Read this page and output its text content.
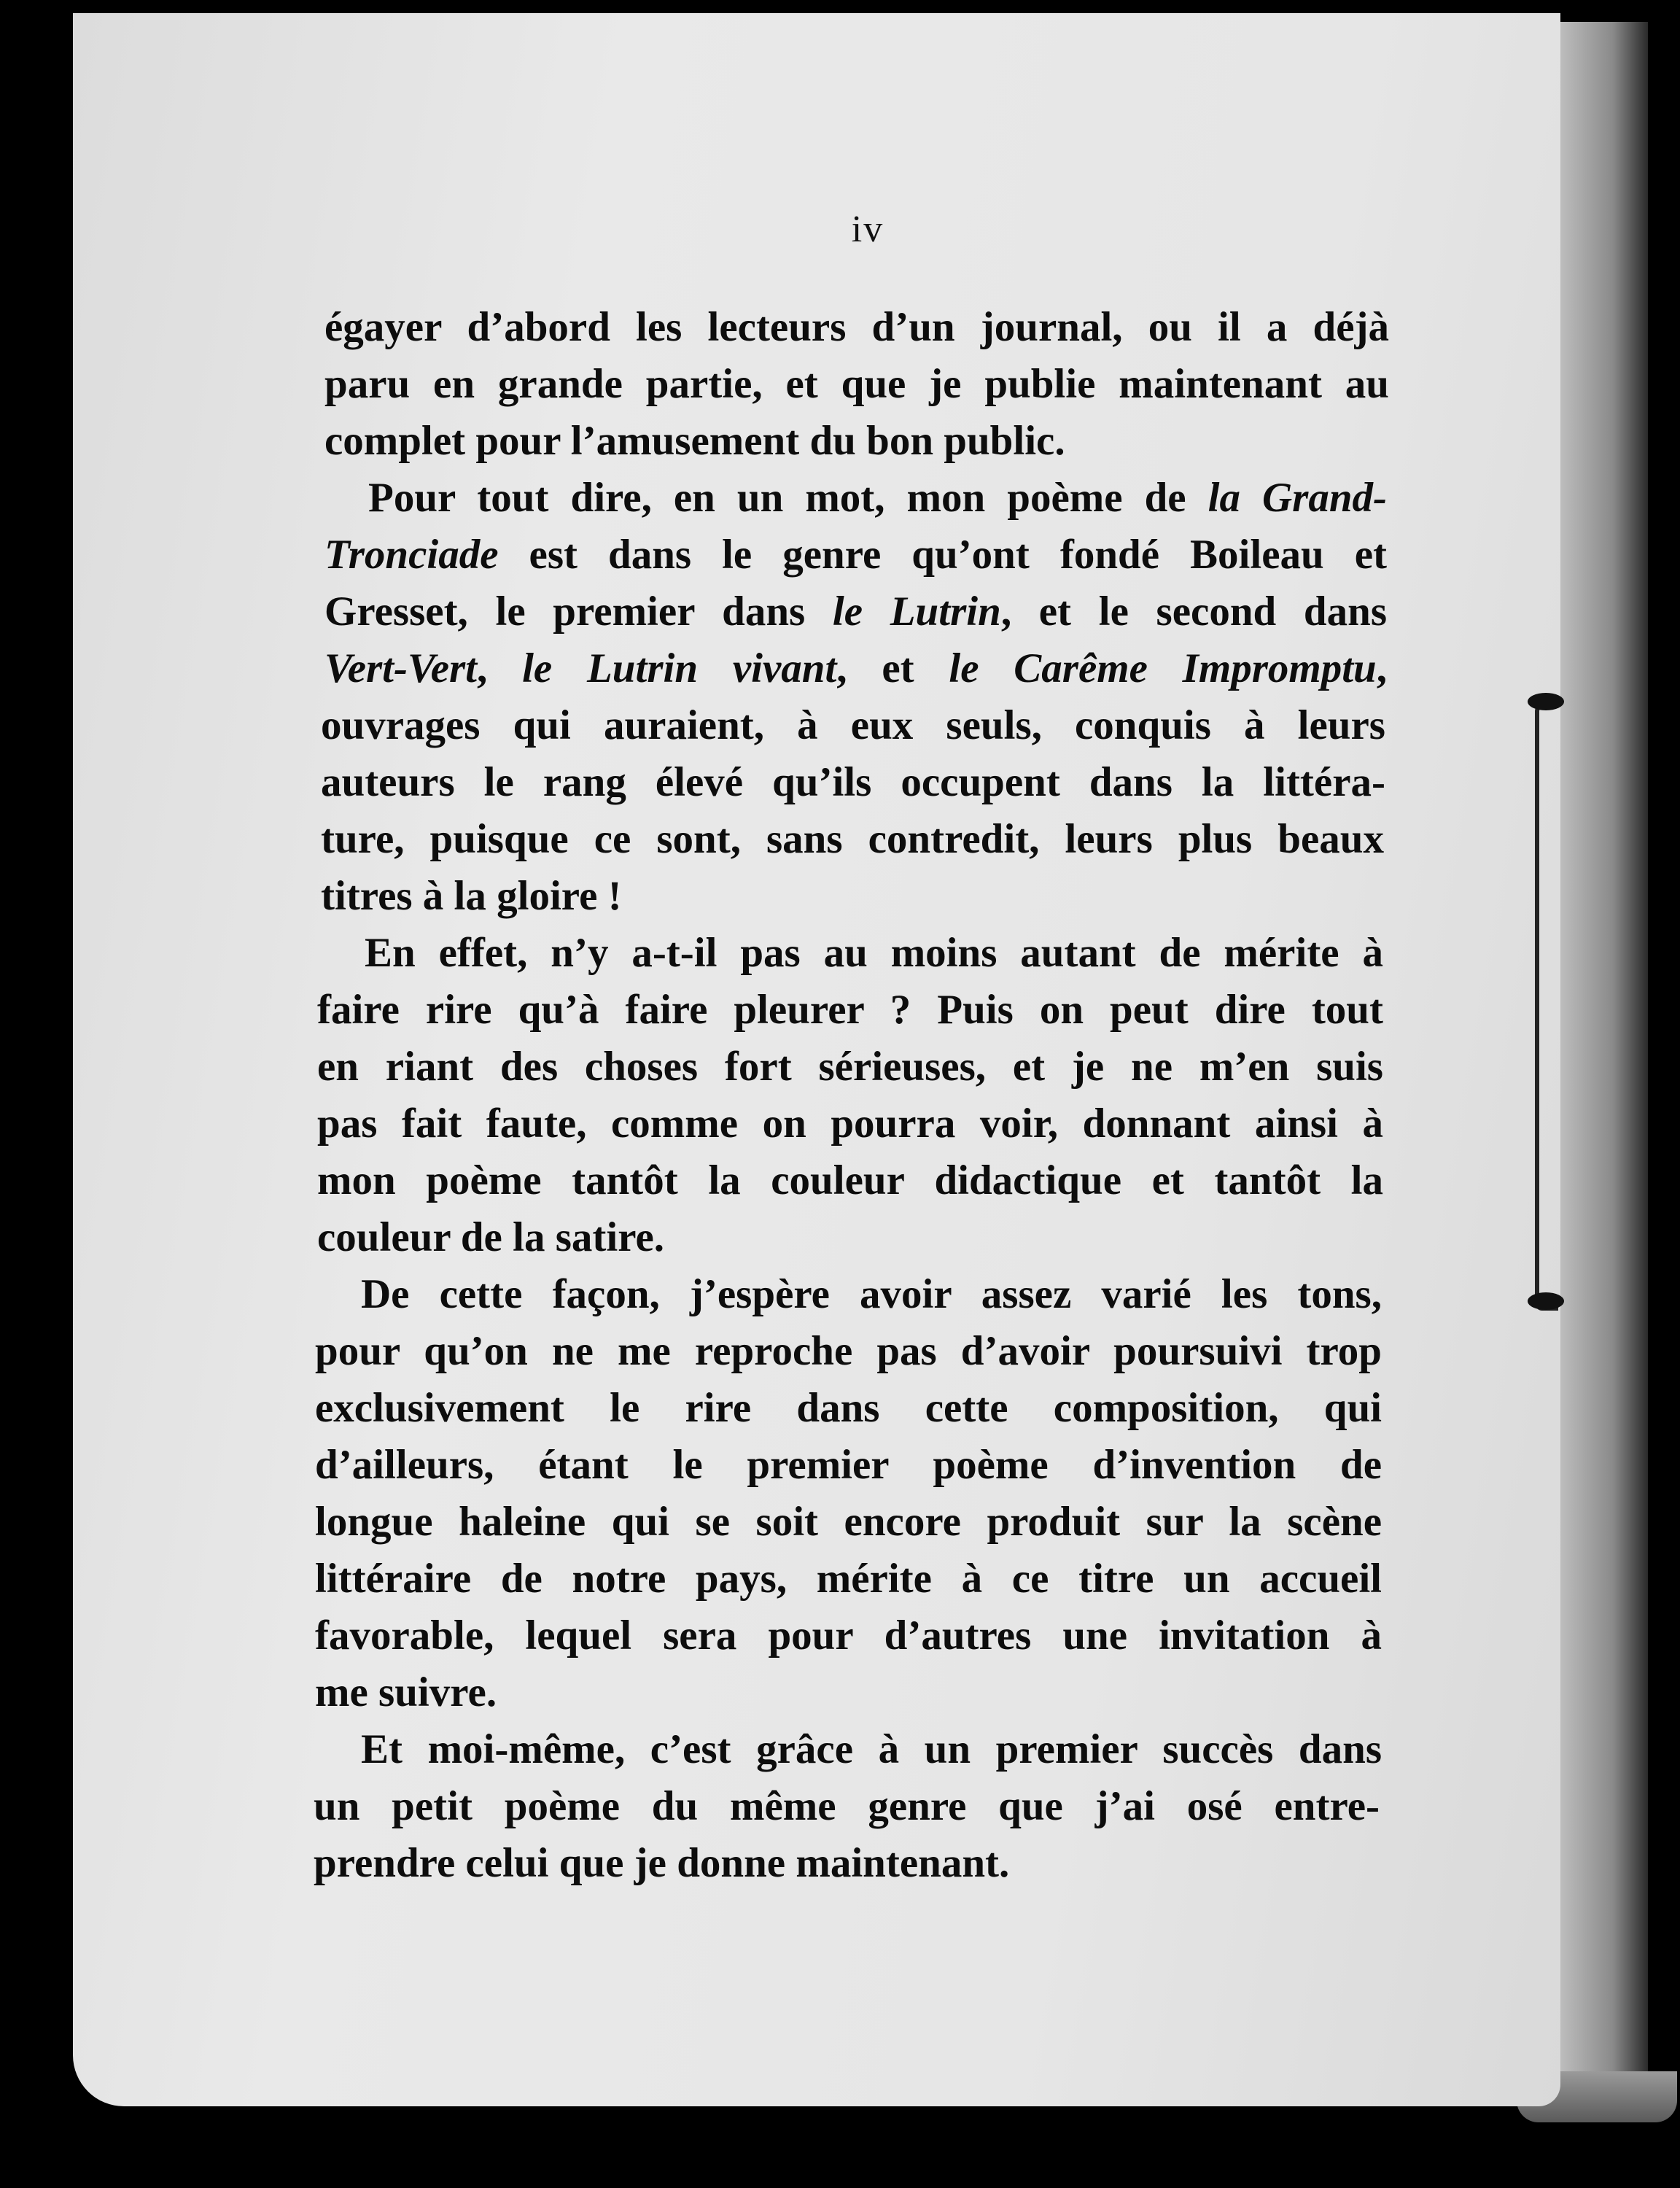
iv

égayer d’abord les lecteurs d’un journal, ou il a déjà

paru en grande partie, et que je publie maintenant au

complet pour l’amusement du bon public.

Pour tout dire, en un mot, mon poème de la Grand-

Tronciade est dans le genre qu’ont fondé Boileau et

Gresset, le premier dans le Lutrin, et le second dans

Vert-Vert, le Lutrin vivant, et le Carême Impromptu,

ouvrages qui auraient, à eux seuls, conquis à leurs

auteurs le rang élevé qu’ils occupent dans la littéra-

ture, puisque ce sont, sans contredit, leurs plus beaux

titres à la gloire !

En effet, n’y a-t-il pas au moins autant de mérite à

faire rire qu’à faire pleurer ? Puis on peut dire tout

en riant des choses fort sérieuses, et je ne m’en suis

pas fait faute, comme on pourra voir, donnant ainsi à

mon poème tantôt la couleur didactique et tantôt la

couleur de la satire.

De cette façon, j’espère avoir assez varié les tons,

pour qu’on ne me reproche pas d’avoir poursuivi trop

exclusivement le rire dans cette composition, qui

d’ailleurs, étant le premier poème d’invention de

longue haleine qui se soit encore produit sur la scène

littéraire de notre pays, mérite à ce titre un accueil

favorable, lequel sera pour d’autres une invitation à

me suivre.

Et moi-même, c’est grâce à un premier succès dans

un petit poème du même genre que j’ai osé entre-

prendre celui que je donne maintenant.
